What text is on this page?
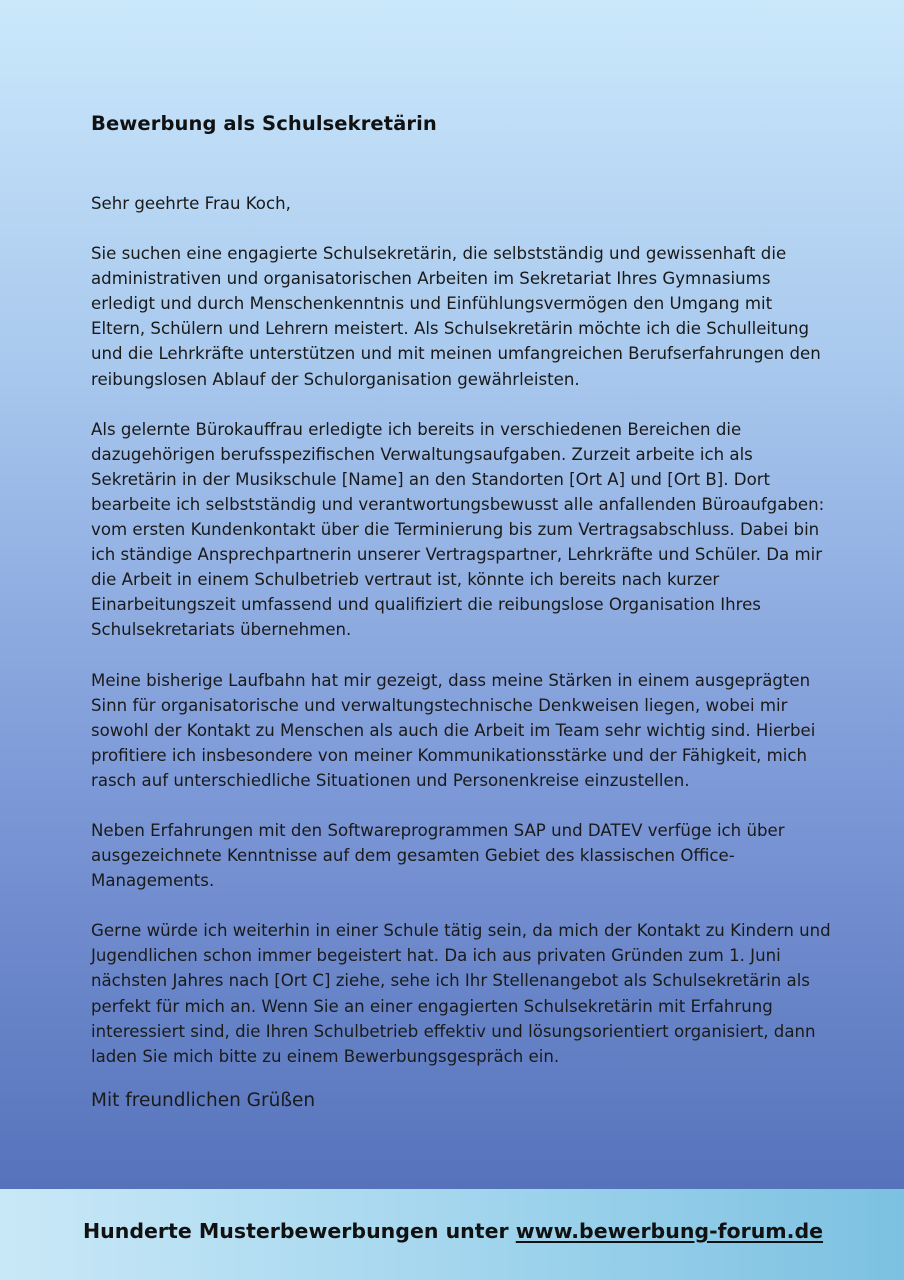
Bewerbung als Schulsekretärin

Sehr geehrte Frau Koch,

Sie suchen eine engagierte Schulsekretärin, die selbstständig und gewissenhaft die administrativen und organisatorischen Arbeiten im Sekretariat Ihres Gymnasiums erledigt und durch Menschenkenntnis und Einfühlungsvermögen den Umgang mit Eltern, Schülern und Lehrern meistert. Als Schulsekretärin möchte ich die Schulleitung und die Lehrkräfte unterstützen und mit meinen umfangreichen Berufserfahrungen den reibungslosen Ablauf der Schulorganisation gewährleisten.

Als gelernte Bürokauffrau erledigte ich bereits in verschiedenen Bereichen die dazugehörigen berufsspezifischen Verwaltungsaufgaben. Zurzeit arbeite ich als Sekretärin in der Musikschule [Name] an den Standorten [Ort A] und [Ort B]. Dort bearbeite ich selbstständig und verantwortungsbewusst alle anfallenden Büroaufgaben: vom ersten Kundenkontakt über die Terminierung bis zum Vertragsabschluss. Dabei bin ich ständige Ansprechpartnerin unserer Vertragspartner, Lehrkräfte und Schüler. Da mir die Arbeit in einem Schulbetrieb vertraut ist, könnte ich bereits nach kurzer Einarbeitungszeit umfassend und qualifiziert die reibungslose Organisation Ihres Schulsekretariats übernehmen.

Meine bisherige Laufbahn hat mir gezeigt, dass meine Stärken in einem ausgeprägten Sinn für organisatorische und verwaltungstechnische Denkweisen liegen, wobei mir sowohl der Kontakt zu Menschen als auch die Arbeit im Team sehr wichtig sind. Hierbei profitiere ich insbesondere von meiner Kommunikationsstärke und der Fähigkeit, mich rasch auf unterschiedliche Situationen und Personenkreise einzustellen.

Neben Erfahrungen mit den Softwareprogrammen SAP und DATEV verfüge ich über ausgezeichnete Kenntnisse auf dem gesamten Gebiet des klassischen Office-Managements.

Gerne würde ich weiterhin in einer Schule tätig sein, da mich der Kontakt zu Kindern und Jugendlichen schon immer begeistert hat. Da ich aus privaten Gründen zum 1. Juni nächsten Jahres nach [Ort C] ziehe, sehe ich Ihr Stellenangebot als Schulsekretärin als perfekt für mich an. Wenn Sie an einer engagierten Schulsekretärin mit Erfahrung interessiert sind, die Ihren Schulbetrieb effektiv und lösungsorientiert organisiert, dann laden Sie mich bitte zu einem Bewerbungsgespräch ein.

Mit freundlichen Grüßen

Hunderte Musterbewerbungen unter www.bewerbung-forum.de
